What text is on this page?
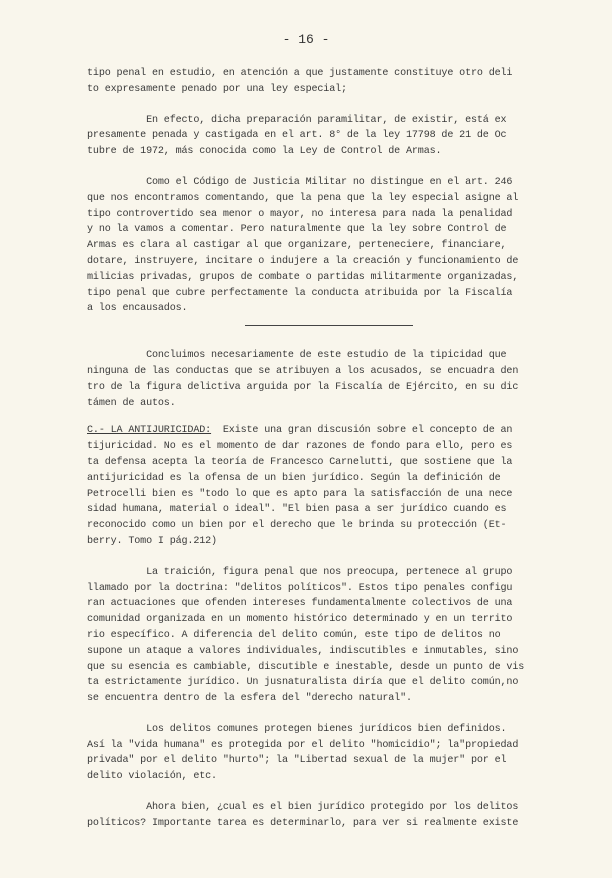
- 16 -

tipo penal en estudio, en atención a que justamente constituye otro deli

to expresamente penado por una ley especial;

En efecto, dicha preparación paramilitar, de existir, está ex

presamente penada y castigada en el art. 8° de la ley 17798 de 21 de Oc

tubre de 1972, más conocida como la Ley de Control de Armas.

Como el Código de Justicia Militar no distingue en el art. 246

que nos encontramos comentando, que la pena que la ley especial asigne al

tipo controvertido sea menor o mayor, no interesa para nada la penalidad

y no la vamos a comentar. Pero naturalmente que la ley sobre Control de

Armas es clara al castigar al que organizare, perteneciere, financiare,

dotare, instruyere, incitare o indujere a la creación y funcionamiento de

milicias privadas, grupos de combate o partidas militarmente organizadas,

tipo penal que cubre perfectamente la conducta atribuida por la Fiscalía

a los encausados.

Concluimos necesariamente de este estudio de la tipicidad que

ninguna de las conductas que se atribuyen a los acusados, se encuadra den

tro de la figura delictiva arguida por la Fiscalía de Ejército, en su dic

támen de autos.

C.- LA ANTIJURICIDAD:  Existe una gran discusión sobre el concepto de an

tijuricidad. No es el momento de dar razones de fondo para ello, pero es

ta defensa acepta la teoría de Francesco Carnelutti, que sostiene que la

antijuricidad es la ofensa de un bien jurídico. Según la definición de

Petrocelli bien es "todo lo que es apto para la satisfacción de una nece

sidad humana, material o ideal". "El bien pasa a ser jurídico cuando es

reconocido como un bien por el derecho que le brinda su protección (Et-

berry. Tomo I pág.212)

La traición, figura penal que nos preocupa, pertenece al grupo

llamado por la doctrina: "delitos políticos". Estos tipo penales configu

ran actuaciones que ofenden intereses fundamentalmente colectivos de una

comunidad organizada en un momento histórico determinado y en un territo

rio específico. A diferencia del delito común, este tipo de delitos no

supone un ataque a valores individuales, indiscutibles e inmutables, sino

que su esencia es cambiable, discutible e inestable, desde un punto de vis

ta estrictamente jurídico. Un jusnaturalista diría que el delito común,no

se encuentra dentro de la esfera del "derecho natural".

Los delitos comunes protegen bienes jurídicos bien definidos.

Así la "vida humana" es protegida por el delito "homicidio"; la"propiedad

privada" por el delito "hurto"; la "Libertad sexual de la mujer" por el

delito violación, etc.

Ahora bien, ¿cual es el bien jurídico protegido por los delitos

políticos? Importante tarea es determinarlo, para ver si realmente existe
